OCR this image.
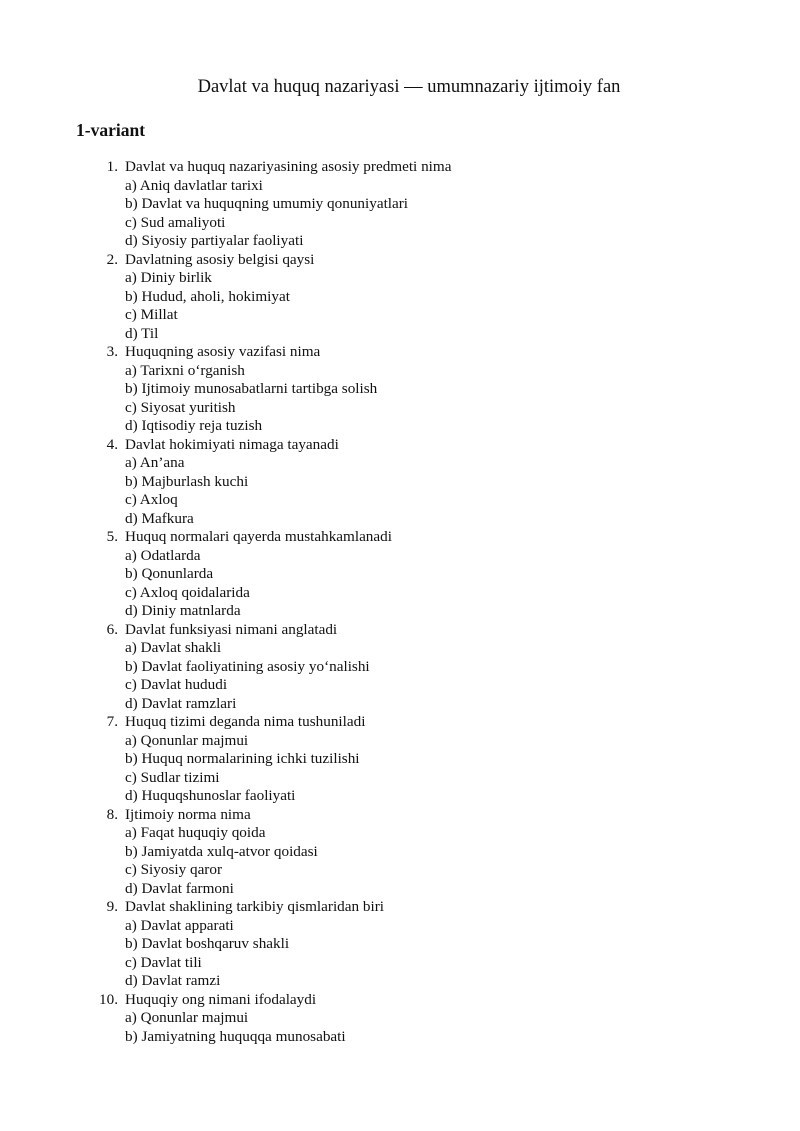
Davlat va huquq nazariyasi — umumnazariy ijtimoiy fan
1-variant
1. Davlat va huquq nazariyasining asosiy predmeti nima
a) Aniq davlatlar tarixi
b) Davlat va huquqning umumiy qonuniyatlari
c) Sud amaliyoti
d) Siyosiy partiyalar faoliyati
2. Davlatning asosiy belgisi qaysi
a) Diniy birlik
b) Hudud, aholi, hokimiyat
c) Millat
d) Til
3. Huquqning asosiy vazifasi nima
a) Tarixni o‘rganish
b) Ijtimoiy munosabatlarni tartibga solish
c) Siyosat yuritish
d) Iqtisodiy reja tuzish
4. Davlat hokimiyati nimaga tayanadi
a) An’ana
b) Majburlash kuchi
c) Axloq
d) Mafkura
5. Huquq normalari qayerda mustahkamlanadi
a) Odatlarda
b) Qonunlarda
c) Axloq qoidalarida
d) Diniy matnlarda
6. Davlat funksiyasi nimani anglatadi
a) Davlat shakli
b) Davlat faoliyatining asosiy yo‘nalishi
c) Davlat hududi
d) Davlat ramzlari
7. Huquq tizimi deganda nima tushuniladi
a) Qonunlar majmui
b) Huquq normalarining ichki tuzilishi
c) Sudlar tizimi
d) Huquqshunoslar faoliyati
8. Ijtimoiy norma nima
a) Faqat huquqiy qoida
b) Jamiyatda xulq-atvor qoidasi
c) Siyosiy qaror
d) Davlat farmoni
9. Davlat shaklining tarkibiy qismlaridan biri
a) Davlat apparati
b) Davlat boshqaruv shakli
c) Davlat tili
d) Davlat ramzi
10. Huquqiy ong nimani ifodalaydi
a) Qonunlar majmui
b) Jamiyatning huquqqa munosabati
